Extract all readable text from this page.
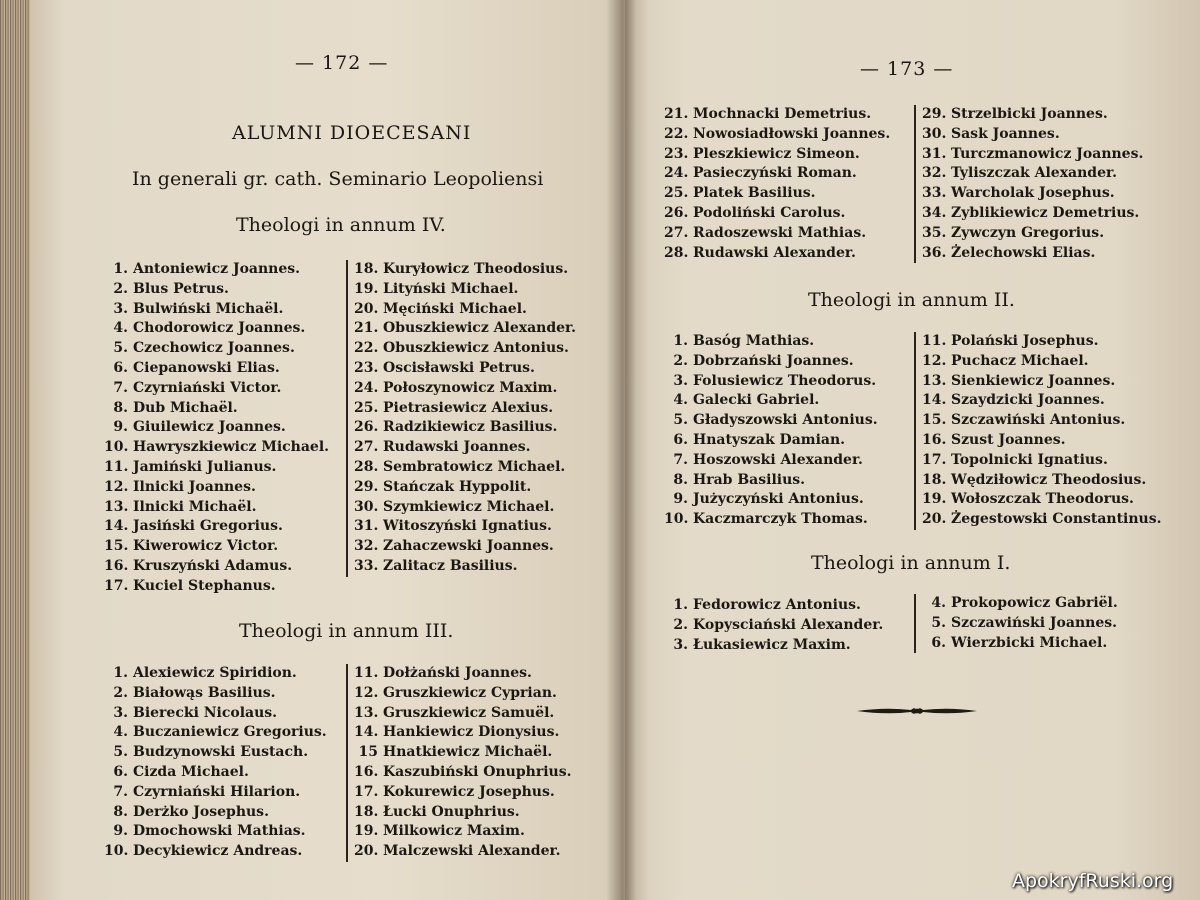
— 172 —
ALUMNI DIOECESANI
In generali gr. cath. Seminario Leopoliensi
Theologi in annum IV.
1. Antoniewicz Joannes.
2. Blus Petrus.
3. Bulwiński Michaël.
4. Chodorowicz Joannes.
5. Czechowicz Joannes.
6. Ciepanowski Elias.
7. Czyrniański Victor.
8. Dub Michaël.
9. Giuilewicz Joannes.
10. Hawryszkiewicz Michael.
11. Jamiński Julianus.
12. Ilnicki Joannes.
13. Ilnicki Michaël.
14. Jasiński Gregorius.
15. Kiwerowicz Victor.
16. Kruszyński Adamus.
17. Kuciel Stephanus.
18. Kuryłowicz Theodosius.
19. Lityński Michael.
20. Męciński Michael.
21. Obuszkiewicz Alexander.
22. Obuszkiewicz Antonius.
23. Oscisławski Petrus.
24. Połoszynowicz Maxim.
25. Pietrasiewicz Alexius.
26. Radzikiewicz Basilius.
27. Rudawski Joannes.
28. Sembratowicz Michael.
29. Stańczak Hyppolit.
30. Szymkiewicz Michael.
31. Witoszyński Ignatius.
32. Zahaczewski Joannes.
33. Zalitacz Basilius.
Theologi in annum III.
1. Alexiewicz Spiridion.
2. Białowąs Basilius.
3. Bierecki Nicolaus.
4. Buczaniewicz Gregorius.
5. Budzynowski Eustach.
6. Cizda Michael.
7. Czyrniański Hilarion.
8. Derżko Josephus.
9. Dmochowski Mathias.
10. Decykiewicz Andreas.
11. Dołżański Joannes.
12. Gruszkiewicz Cyprian.
13. Gruszkiewicz Samuël.
14. Hankiewicz Dionysius.
15 Hnatkiewicz Michaël.
16. Kaszubiński Onuphrius.
17. Kokurewicz Josephus.
18. Łucki Onuphrius.
19. Milkowicz Maxim.
20. Malczewski Alexander.
— 173 —
21. Mochnacki Demetrius.
22. Nowosiadłowski Joannes.
23. Pleszkiewicz Simeon.
24. Pasieczyński Roman.
25. Platek Basilius.
26. Podoliński Carolus.
27. Radoszewski Mathias.
28. Rudawski Alexander.
29. Strzelbicki Joannes.
30. Sask Joannes.
31. Turczmanowicz Joannes.
32. Tyliszczak Alexander.
33. Warcholak Josephus.
34. Zyblikiewicz Demetrius.
35. Zywczyn Gregorius.
36. Żelechowski Elias.
Theologi in annum II.
1. Basóg Mathias.
2. Dobrzański Joannes.
3. Folusiewicz Theodorus.
4. Galecki Gabriel.
5. Gładyszowski Antonius.
6. Hnatyszak Damian.
7. Hoszowski Alexander.
8. Hrab Basilius.
9. Jużyczyński Antonius.
10. Kaczmarczyk Thomas.
11. Polański Josephus.
12. Puchacz Michael.
13. Sienkiewicz Joannes.
14. Szaydzicki Joannes.
15. Szczawiński Antonius.
16. Szust Joannes.
17. Topolnicki Ignatius.
18. Wędziłowicz Theodosius.
19. Wołoszczak Theodorus.
20. Żegestowski Constantinus.
Theologi in annum I.
1. Fedorowicz Antonius.
2. Kopysciański Alexander.
3. Łukasiewicz Maxim.
4. Prokopowicz Gabriël.
5. Szczawiński Joannes.
6. Wierzbicki Michael.
ApokryfRuski.org
